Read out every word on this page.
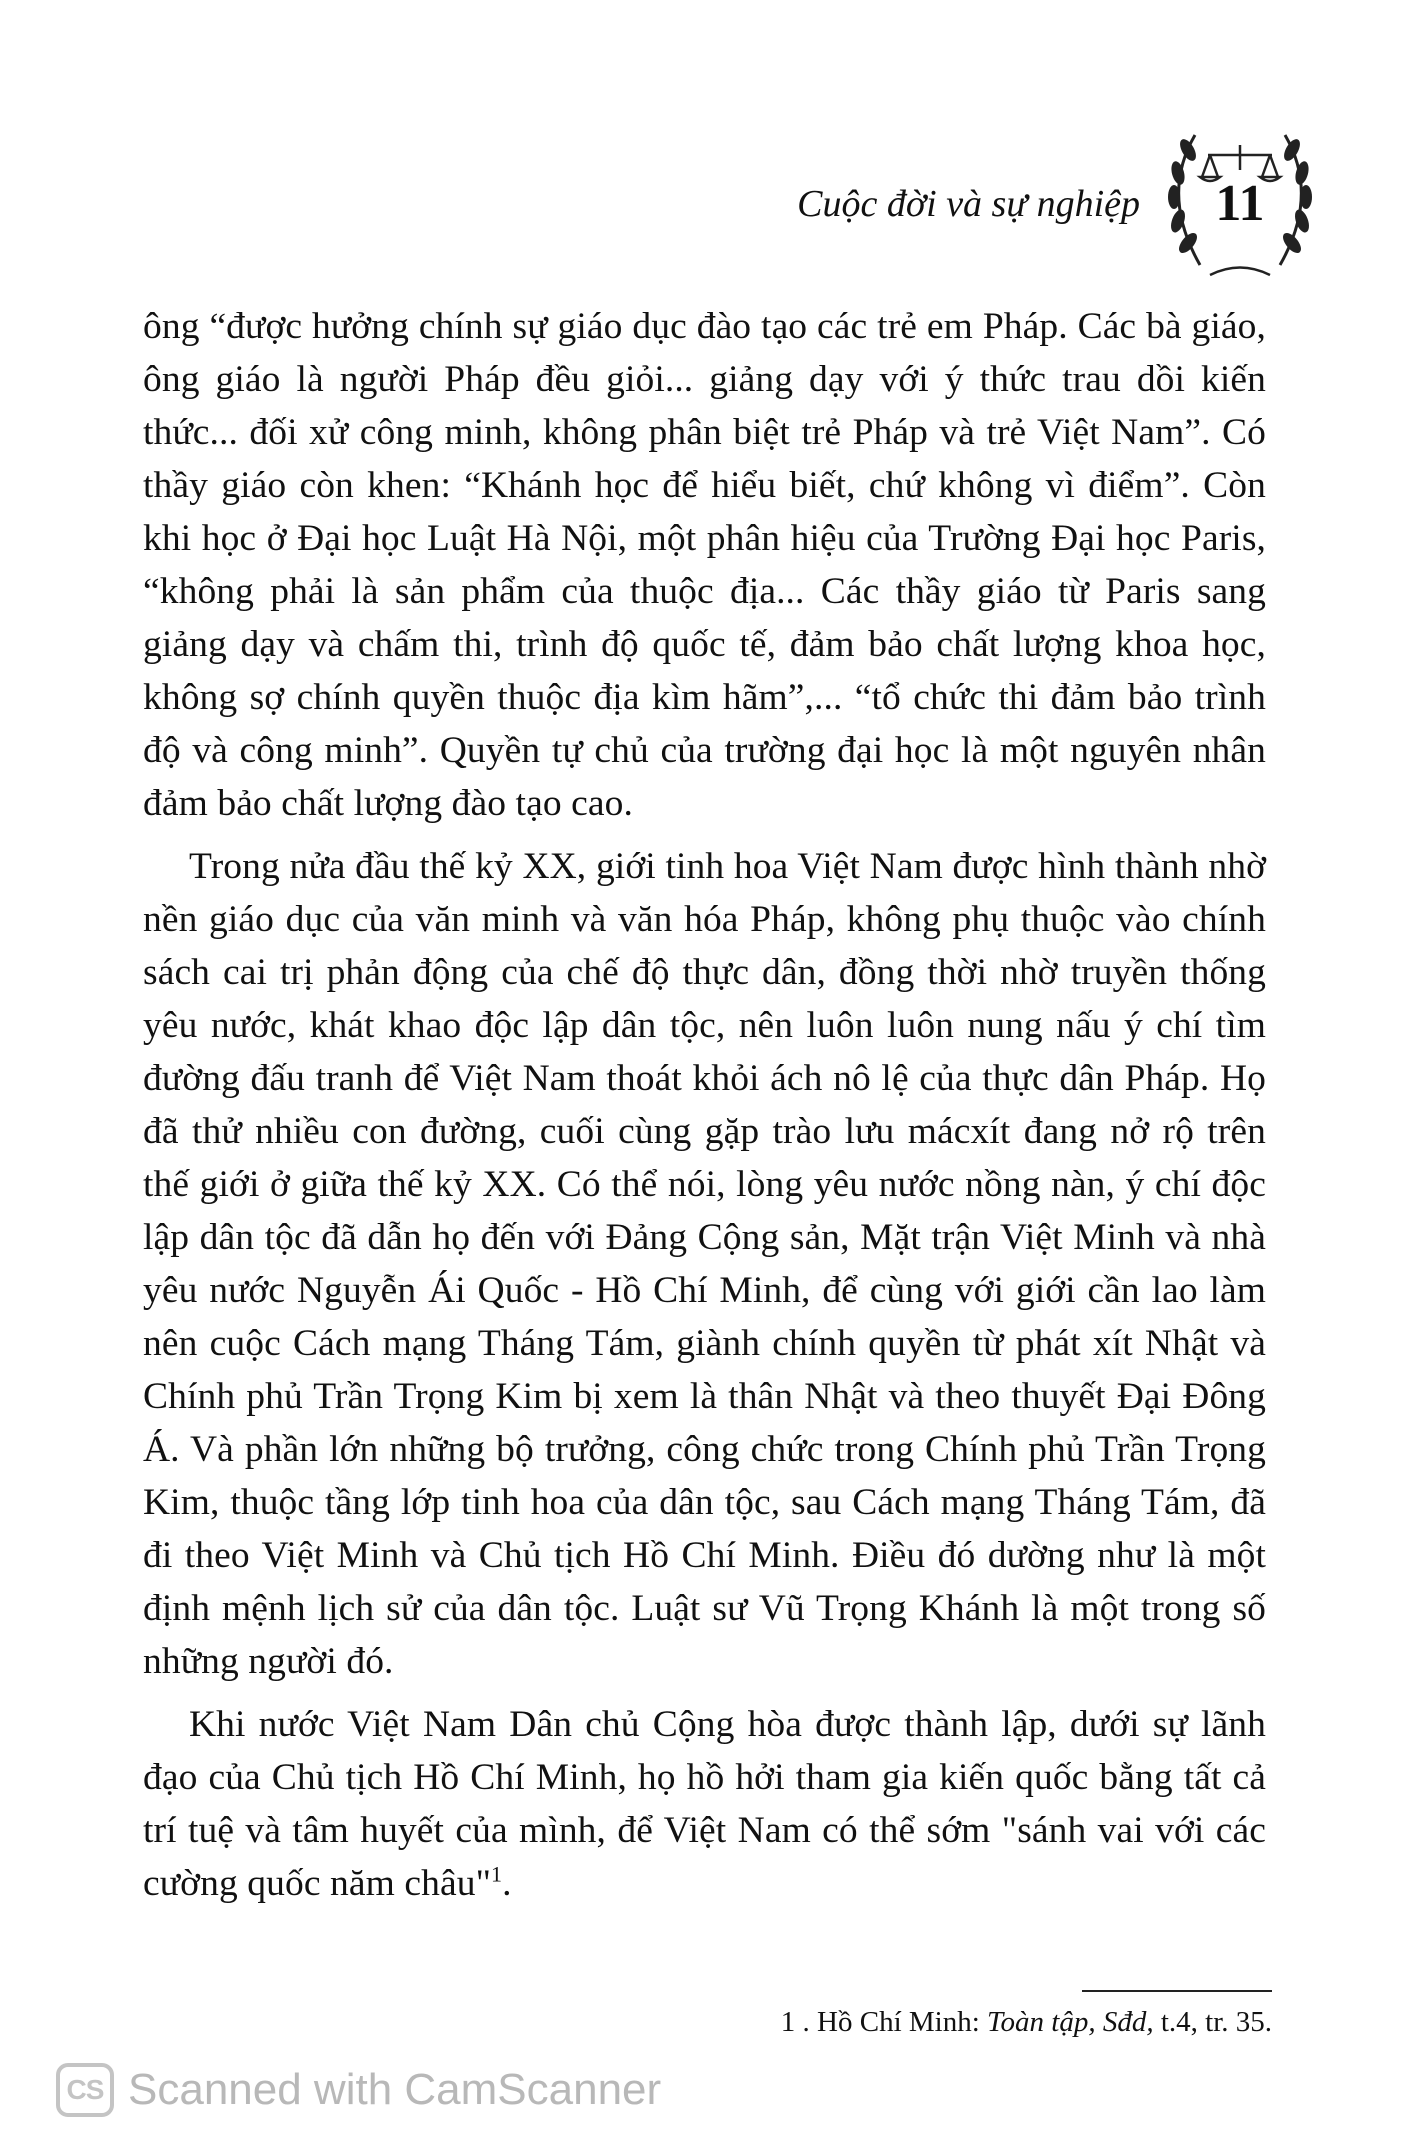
Cuộc đời và sự nghiệp	11

ông “được hưởng chính sự giáo dục đào tạo các trẻ em Pháp. Các bà giáo, ông giáo là người Pháp đều giỏi... giảng dạy với ý thức trau dồi kiến thức... đối xử công minh, không phân biệt trẻ Pháp và trẻ Việt Nam”. Có thầy giáo còn khen: “Khánh học để hiểu biết, chứ không vì điểm”. Còn khi học ở Đại học Luật Hà Nội, một phân hiệu của Trường Đại học Paris, “không phải là sản phẩm của thuộc địa... Các thầy giáo từ Paris sang giảng dạy và chấm thi, trình độ quốc tế, đảm bảo chất lượng khoa học, không sợ chính quyền thuộc địa kìm hãm”,... “tổ chức thi đảm bảo trình độ và công minh”. Quyền tự chủ của trường đại học là một nguyên nhân đảm bảo chất lượng đào tạo cao.

Trong nửa đầu thế kỷ XX, giới tinh hoa Việt Nam được hình thành nhờ nền giáo dục của văn minh và văn hóa Pháp, không phụ thuộc vào chính sách cai trị phản động của chế độ thực dân, đồng thời nhờ truyền thống yêu nước, khát khao độc lập dân tộc, nên luôn luôn nung nấu ý chí tìm đường đấu tranh để Việt Nam thoát khỏi ách nô lệ của thực dân Pháp. Họ đã thử nhiều con đường, cuối cùng gặp trào lưu mácxít đang nở rộ trên thế giới ở giữa thế kỷ XX. Có thể nói, lòng yêu nước nồng nàn, ý chí độc lập dân tộc đã dẫn họ đến với Đảng Cộng sản, Mặt trận Việt Minh và nhà yêu nước Nguyễn Ái Quốc - Hồ Chí Minh, để cùng với giới cần lao làm nên cuộc Cách mạng Tháng Tám, giành chính quyền từ phát xít Nhật và Chính phủ Trần Trọng Kim bị xem là thân Nhật và theo thuyết Đại Đông Á. Và phần lớn những bộ trưởng, công chức trong Chính phủ Trần Trọng Kim, thuộc tầng lớp tinh hoa của dân tộc, sau Cách mạng Tháng Tám, đã đi theo Việt Minh và Chủ tịch Hồ Chí Minh. Điều đó dường như là một định mệnh lịch sử của dân tộc. Luật sư Vũ Trọng Khánh là một trong số những người đó.

Khi nước Việt Nam Dân chủ Cộng hòa được thành lập, dưới sự lãnh đạo của Chủ tịch Hồ Chí Minh, họ hồ hởi tham gia kiến quốc bằng tất cả trí tuệ và tâm huyết của mình, để Việt Nam có thể sớm "sánh vai với các cường quốc năm châu"$^1$.

1 . Hồ Chí Minh: Toàn tập, Sđd, t.4, tr. 35.
CS Scanned with CamScanner
